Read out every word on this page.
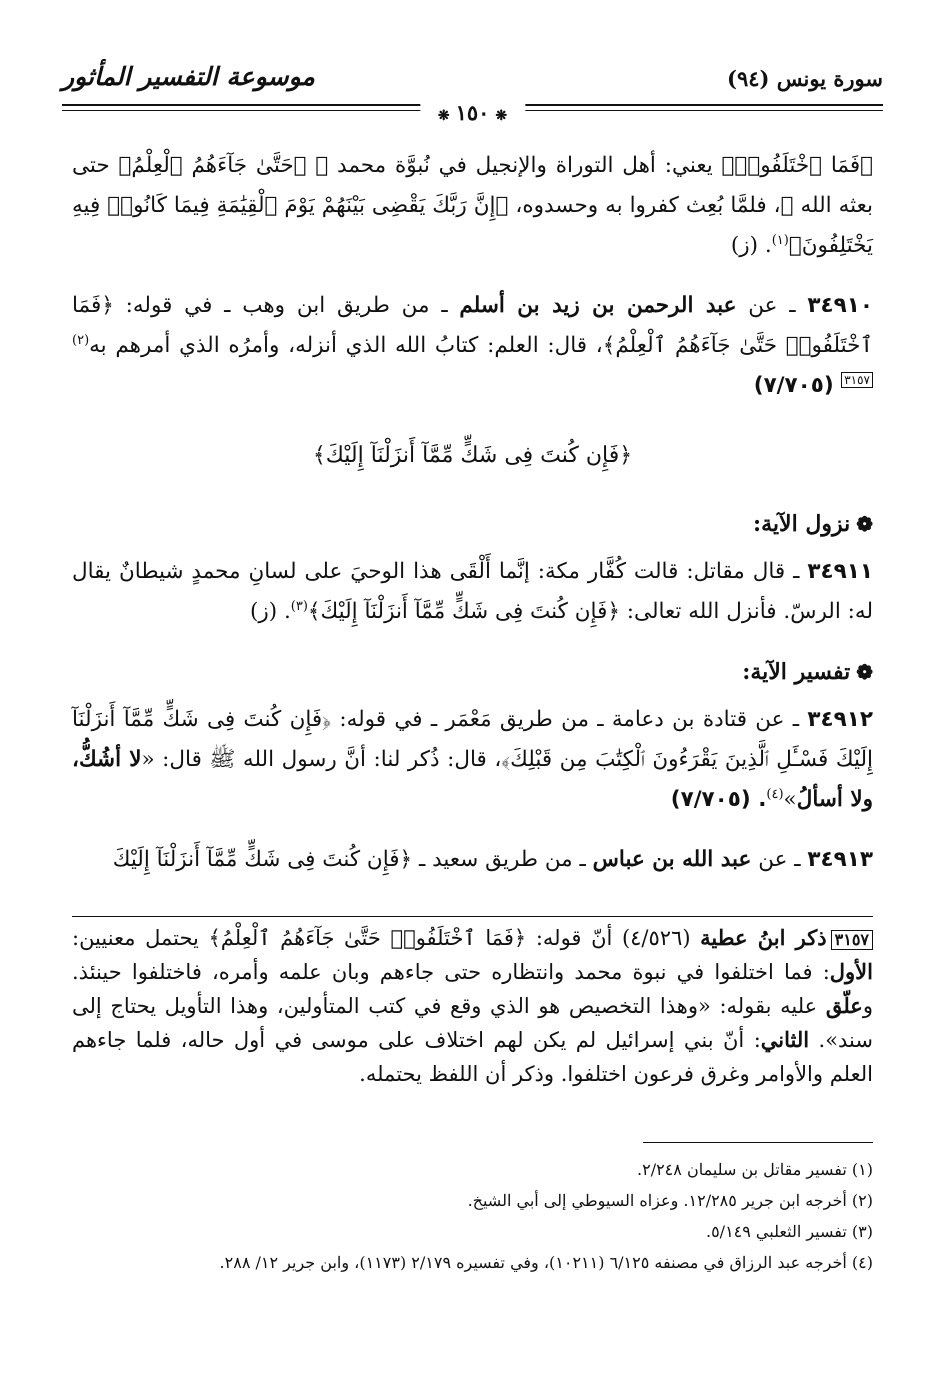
موسوعة التفسير المأثور	سورة يونس (٩٤)
❋ ١٥٠ ❋

﴿فَمَا ٱخْتَلَفُوا۟﴾ يعني: أهل التوراة والإنجيل في نُبوَّة محمد ﷺ ﴿حَتَّىٰ جَآءَهُمُ ٱلْعِلْمُ﴾ حتى بعثه الله ﷻ، فلمَّا بُعِث كفروا به وحسدوه، ﴿إِنَّ رَبَّكَ يَقْضِى بَيْنَهُمْ يَوْمَ ٱلْقِيَٰمَةِ فِيمَا كَانُوا۟ فِيهِ يَخْتَلِفُونَ﴾$^{(١)}$. (ز)

٣٤٩١٠ ـ عن عبد الرحمن بن زيد بن أسلم ـ من طريق ابن وهب ـ في قوله: ﴿فَمَا ٱخْتَلَفُوا۟ حَتَّىٰ جَآءَهُمُ ٱلْعِلْمُ﴾، قال: العلم: كتابُ الله الذي أنزله، وأمرُه الذي أمرهم به$^{(٢)}$٣١٥٧ (٧/٧٠٥)

﴿فَإِن كُنتَ فِى شَكٍّ مِّمَّآ أَنزَلْنَآ إِلَيْكَ﴾
❁نزول الآية:

٣٤٩١١ ـ قال مقاتل: قالت كُفَّار مكة: إنَّما أَلْقَى هذا الوحيَ على لسانِ محمدٍ شيطانٌ يقال له: الرسّ. فأنزل الله تعالى: ﴿فَإِن كُنتَ فِى شَكٍّ مِّمَّآ أَنزَلْنَآ إِلَيْكَ﴾$^{(٣)}$. (ز)

❁تفسير الآية:

٣٤٩١٢ ـ عن قتادة بن دعامة ـ من طريق مَعْمَر ـ في قوله: ﴿فَإِن كُنتَ فِى شَكٍّ مِّمَّآ أَنزَلْنَآ إِلَيْكَ فَسْـَٔلِ ٱلَّذِينَ يَقْرَءُونَ ٱلْكِتَٰبَ مِن قَبْلِكَ﴾، قال: ذُكر لنا: أنَّ رسول الله ﷺ قال: «لا أشُكُّ، ولا أسألُ»$^{(٤)}$. (٧/٧٠٥)

٣٤٩١٣ ـ عن عبد الله بن عباس ـ من طريق سعيد ـ ﴿فَإِن كُنتَ فِى شَكٍّ مِّمَّآ أَنزَلْنَآ إِلَيْكَ

٣١٥٧ذكر ابنُ عطية (٤/٥٢٦) أنّ قوله: ﴿فَمَا ٱخْتَلَفُوا۟ حَتَّىٰ جَآءَهُمُ ٱلْعِلْمُ﴾ يحتمل معنيين: الأول: فما اختلفوا في نبوة محمد وانتظاره حتى جاءهم وبان علمه وأمره، فاختلفوا حينئذ. وعلّق عليه بقوله: «وهذا التخصيص هو الذي وقع في كتب المتأولين، وهذا التأويل يحتاج إلى سند». الثاني: أنّ بني إسرائيل لم يكن لهم اختلاف على موسى في أول حاله، فلما جاءهم العلم والأوامر وغرق فرعون اختلفوا. وذكر أن اللفظ يحتمله.
(١) تفسير مقاتل بن سليمان ٢/٢٤٨.
(٢) أخرجه ابن جرير ١٢/٢٨٥. وعزاه السيوطي إلى أبي الشيخ.
(٣) تفسير الثعلبي ٥/١٤٩.
(٤) أخرجه عبد الرزاق في مصنفه ٦/١٢٥ (١٠٢١١)، وفي تفسيره ٢/١٧٩ (١١٧٣)، وابن جرير ١٢/ ٢٨٨.
